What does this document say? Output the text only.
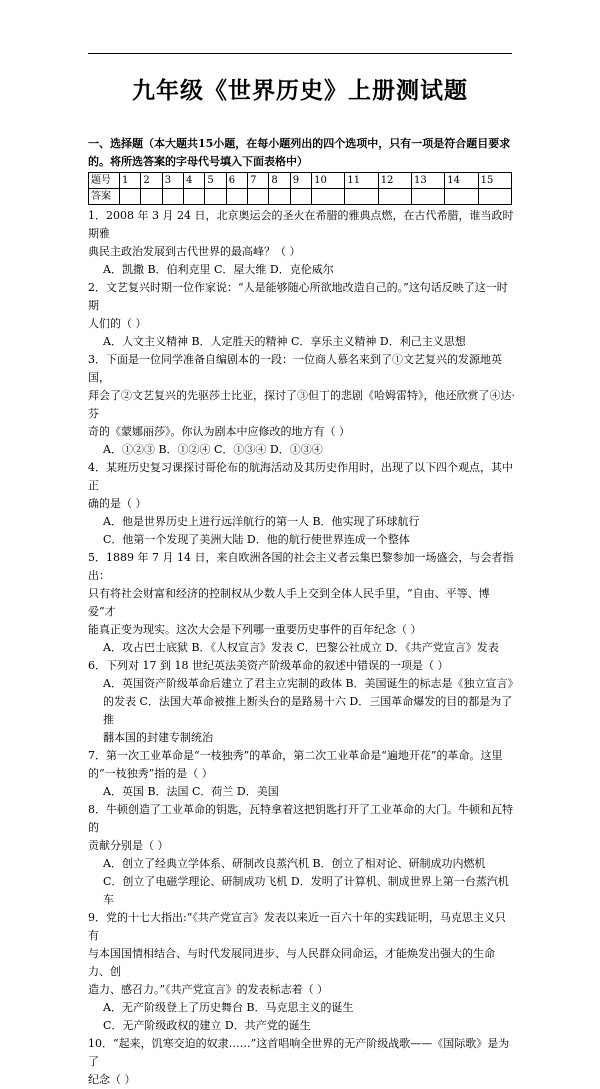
九年级《世界历史》上册测试题
一、选择题（本大题共15小题，在每小题列出的四个选项中，只有一项是符合题目要求的。将所选答案的字母代号填入下面表格中）
题号	1	2	3	4	5	6	7	8	9	10	11	12	13	14	15
答案															
1．2008 年 3 月 24 日，北京奥运会的圣火在希腊的雅典点燃，在古代希腊，谁当政时期雅
典民主政治发展到古代世界的最高峰？（ ）
A．凯撒 B．伯利克里 C．屋大维 D．克伦威尔
2．文艺复兴时期一位作家说：“人是能够随心所欲地改造自己的。”这句话反映了这一时期
人们的（ ）
A．人文主义精神 B．人定胜天的精神 C．享乐主义精神 D．利己主义思想
3．下面是一位同学准备自编剧本的一段：一位商人慕名来到了①文艺复兴的发源地英国，
拜会了②文艺复兴的先驱莎士比亚，探讨了③但丁的悲剧《哈姆雷特》，他还欣赏了④达·芬
奇的《蒙娜丽莎》。你认为剧本中应修改的地方有（ ）
A．①②③ B．①②④ C．①③④ D．①③④
4．某班历史复习课探讨哥伦布的航海活动及其历史作用时，出现了以下四个观点，其中正
确的是（ ）
A．他是世界历史上进行远洋航行的第一人 B．他实现了环球航行
C．他第一个发现了美洲大陆 D．他的航行使世界连成一个整体
5．1889 年 7 月 14 日，来自欧洲各国的社会主义者云集巴黎参加一场盛会，与会者指出：
只有将社会财富和经济的控制权从少数人手上交到全体人民手里，“自由、平等、博爱”才
能真正变为现实。这次大会是下列哪一重要历史事件的百年纪念（ ）
A．攻占巴士底狱 B．《人权宣言》发表 C．巴黎公社成立 D．《共产党宣言》发表
6．下列对 17 到 18 世纪英法美资产阶级革命的叙述中错误的一项是（ ）
A．英国资产阶级革命后建立了君主立宪制的政体 B．美国诞生的标志是《独立宣言》
的发表 C．法国大革命被推上断头台的是路易十六 D．三国革命爆发的目的都是为了推
翻本国的封建专制统治
7．第一次工业革命是“一枝独秀”的革命，第二次工业革命是“遍地开花”的革命。这里
的“一枝独秀”指的是（ ）
A．英国 B．法国 C．荷兰 D．美国
8．牛顿创造了工业革命的钥匙，瓦特拿着这把钥匙打开了工业革命的大门。牛顿和瓦特的
贡献分别是（ ）
A．创立了经典立学体系、研制改良蒸汽机 B．创立了相对论、研制成功内燃机
C．创立了电磁学理论、研制成功飞机 D．发明了计算机、制成世界上第一台蒸汽机车
9．党的十七大指出:“《共产党宣言》发表以来近一百六十年的实践证明，马克思主义只有
与本国国情相结合、与时代发展同进步、与人民群众同命运，才能焕发出强大的生命力、创
造力、感召力。”《共产党宣言》的发表标志着（ ）
A．无产阶级登上了历史舞台 B．马克思主义的诞生
C．无产阶级政权的建立 D．共产党的诞生
10．“起来，饥寒交迫的奴隶……”这首唱响全世界的无产阶级战歌——《国际歌》是为了
纪念（ ）
